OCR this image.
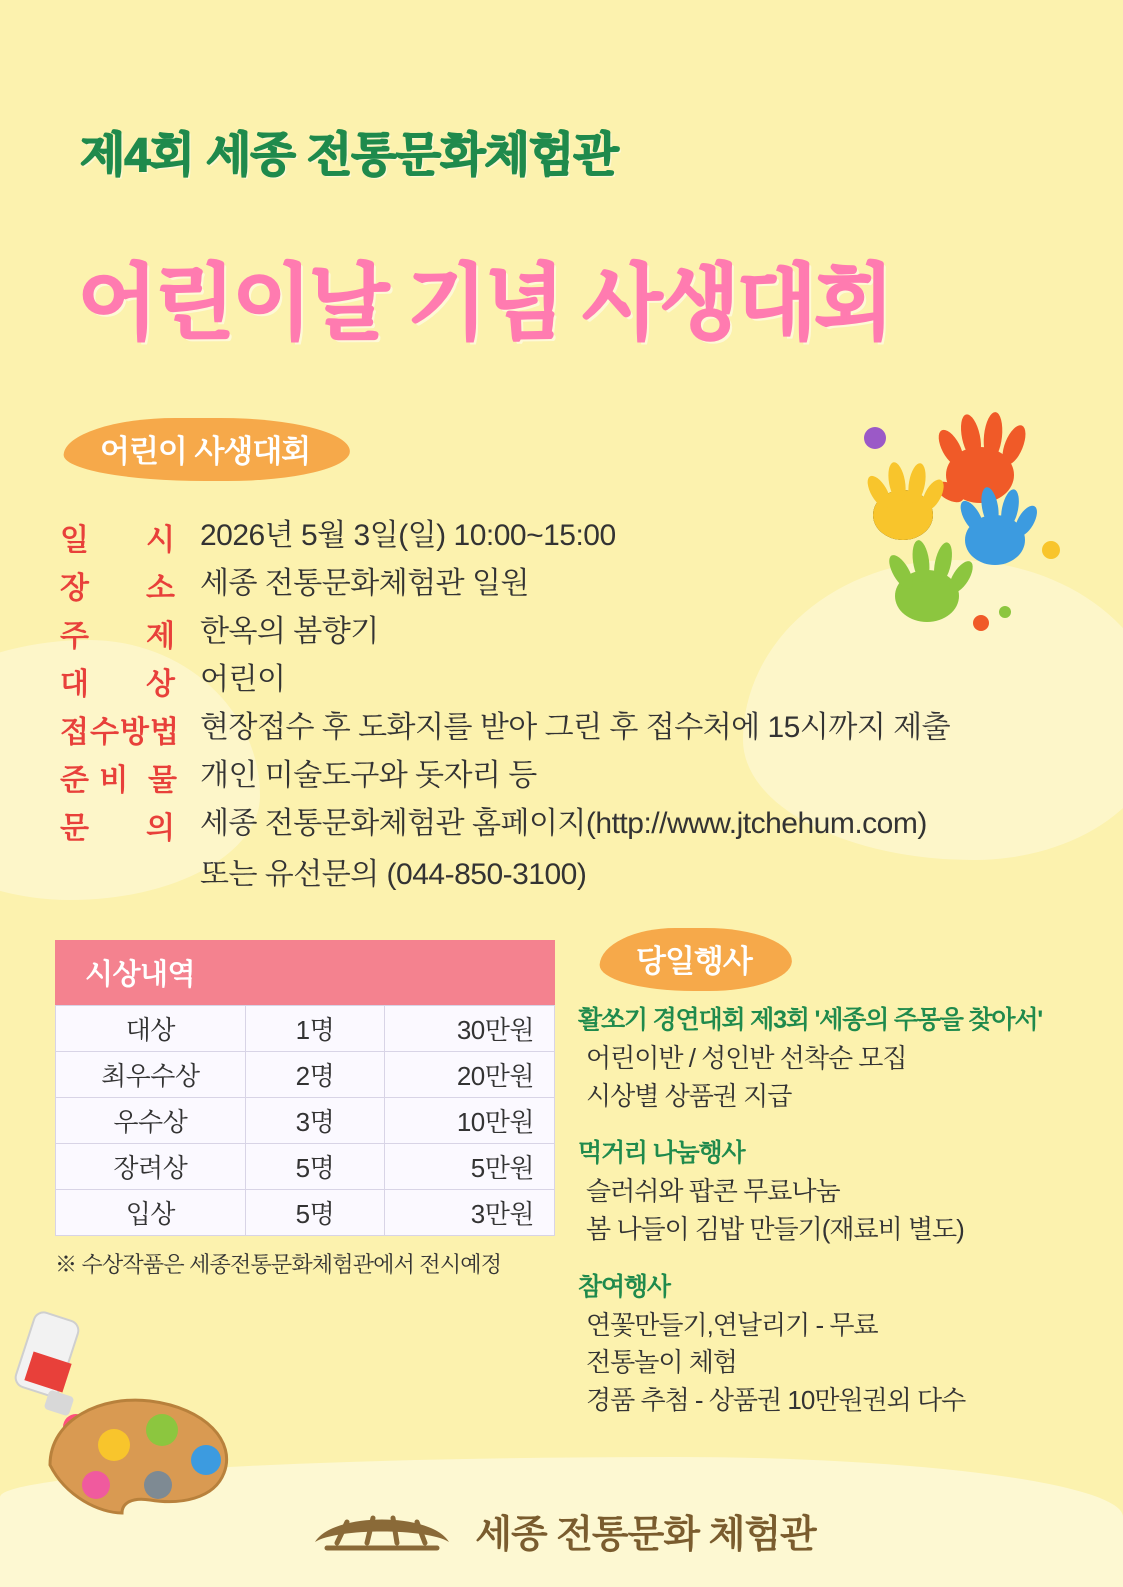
제4회 세종 전통문화체험관
어린이날 기념 사생대회
어린이 사생대회
일      시 2026년 5월 3일(일) 10:00~15:00
장      소 세종 전통문화체험관 일원
주      제 한옥의 봄향기
대      상 어린이
접수방법 현장접수 후 도화지를 받아 그린 후 접수처에 15시까지 제출
준 비  물 개인 미술도구와 돗자리 등
문      의 세종 전통문화체험관 홈페이지(http://www.jtchehum.com)
또는 유선문의 (044-850-3100)
시상내역
대상	1명	30만원
최우수상	2명	20만원
우수상	3명	10만원
장려상	5명	5만원
입상	5명	3만원
※ 수상작품은 세종전통문화체험관에서 전시예정
당일행사
활쏘기 경연대회 제3회 '세종의 주몽을 찾아서'
어린이반 / 성인반 선착순 모집
시상별 상품권 지급
먹거리 나눔행사
슬러쉬와 팝콘 무료나눔
봄 나들이 김밥 만들기(재료비 별도)
참여행사
연꽃만들기,연날리기 - 무료
전통놀이 체험
경품 추첨 - 상품권 10만원권외 다수
세종 전통문화 체험관
